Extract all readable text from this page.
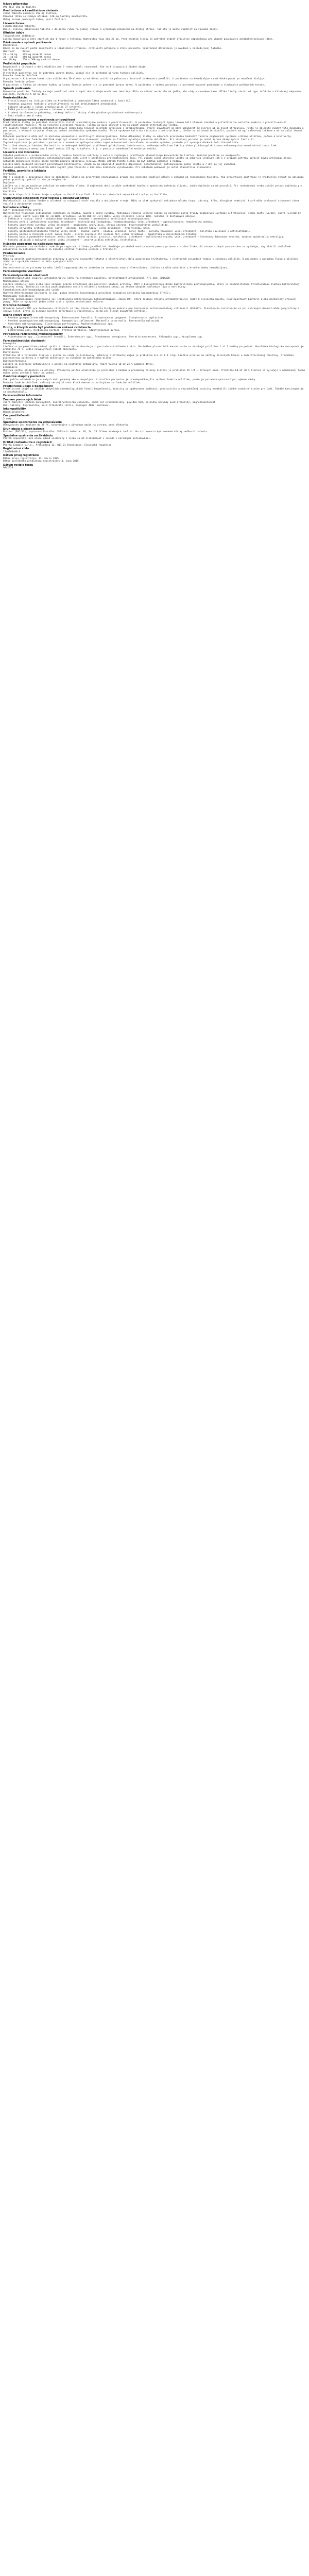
Názov přípravku
PRO-TECT 250 mg tablety
Kvalitatívne a kvantitatívne zloženie
Jedna tableta obsahuje 250 mg liečiva.
Pomocná látka so známym účinkom: 120 mg laktózy monohydrátu.
Úplný zoznam pomocných látok, pozri časť 6.1.
Lieková forma
Filmom obalená tableta.
Biela, oválna, bikonvexná tableta s deliacou ryhou na jednej strane a vyrazeným označením na druhej strane. Tabletu je možné rozdeliť na rovnaké dávky.
Klinické údaje
Terapeutické indikácie
Liečba dospelých a detí starších ako 6 rokov s telesnou hmotnosťou viac ako 20 kg. Pred začatím liečby je potrebné zvážiť oficiálne odporúčania pre vhodné používanie antibakteriálnych látok.
Dávkovanie a spôsob podávania
Dávkovanie
Dávka sa má zvoliť podľa závažnosti a lokalizácie infekcie, citlivosti patogénu a stavu pacienta. Odporúčané dávkovanie je uvedené v nasledujúcej tabuľke.
Hmotnosť	Dávka
20 – 30 kg	125 mg dvakrát denne
30 – 40 kg	250 mg dvakrát denne
nad 40 kg	250 – 500 mg dvakrát denne
Pediatrická populácia
Bezpečnosť a účinnosť u detí mladších ako 6 rokov neboli stanovené. Nie sú k dispozícii žiadne údaje.
Staršie osoby
U starších pacientov nie je potrebná úprava dávky, pokiaľ nie je prítomná porucha funkcie obličiek.
Porucha funkcie obličiek
U pacientov s klírensom kreatinínu nižším ako 30 ml/min sa má dávka znížiť na polovicu a interval dávkovania predĺžiť. U pacientov na hemodialýze sa má dávka podať po ukončení dialýzy.
Porucha funkcie pečene
U pacientov s ľahkou až stredne ťažkou poruchou funkcie pečene nie je potrebná úprava dávky. U pacientov s ťažkou poruchou je potrebné opatrné podávanie a sledovanie pečeňových testov.
Spôsob podávania
Perorálne použitie. Tablety sa majú prehltnúť celé a zapiť dostatočným množstvom tekutiny. Môžu sa užívať nezávisle od jedla, ale vždy v rovnakom čase. Dĺžka liečby závisí od typu infekcie a klinickej odpovede pacienta, zvyčajne 5 až 10 dní.
Kontraindikácie
• Precitlivenosť na liečivo alebo na ktorúkoľvek z pomocných látok uvedených v časti 6.1.
• Anamnéza závažnej reakcie z precitlivenosti na iné betalaktámové antibiotiká.
• Súčasné užívanie s liekmi predlžujúcimi QT interval.
• Ťažká porucha funkcie pečene s ikterom v anamnéze.
• Vrodená intolerancia galaktózy, celkový deficit laktázy alebo glukózo-galaktózová malabsorpcia.
• Deti mladšie ako 6 rokov.
Osobitné upozornenia a opatrenia pri používaní
Pred začatím liečby je potrebné starostlivo zistiť predchádzajúce reakcie z precitlivenosti. U pacientov liečených týmto liekom boli hlásené závažné a príležitostne smrteľné reakcie z precitlivenosti (anafylaktické reakcie). Ak sa vyskytne alergická reakcia, liečba sa musí ukončiť a má sa začať vhodná alternatívna liečba.
Pri použití takmer všetkých antibakteriálnych látok bola hlásená kolitída súvisiaca s antibiotikami, ktorej závažnosť sa môže pohybovať od miernej až po život ohrozujúcu. Preto je dôležité zvážiť túto diagnózu u pacientov, u ktorých sa počas alebo po podaní antibiotika vyskytne hnačka. Ak sa vyskytne kolitída súvisiaca s antibiotikami, liečba sa má okamžite ukončiť, pacient má byť vyšetrený lekárom a má sa začať vhodná liečba.
Dlhodobé používanie môže mať za následok premnoženie necitlivých mikroorganizmov. Počas dlhodobej liečby sa odporúča pravidelne hodnotiť funkciu orgánových systémov vrátane obličiek, pečene a krvotvorby.
Pacienti s poruchou funkcie obličiek majú byť starostlivo sledovaní, pretože sa liečivo vylučuje prevažne obličkami. Pri závažnej poruche je nutná úprava dávky (pozri časť 4.2).
Zvýšená opatrnosť je potrebná u pacientov s anamnézou epilepsie alebo inými ochoreniami centrálneho nervového systému, pretože pri vysokých dávkach boli hlásené kŕče.
Tento liek obsahuje laktózu. Pacienti so zriedkavými dedičnými problémami galaktózovej intolerancie, celkovým deficitom laktázy alebo glukózo-galaktózovou malabsorpciou nesmú užívať tento liek.
Tento liek obsahuje menej ako 1 mmol sodíka (23 mg) v tablete, t.j. v podstate zanedbateľné množstvo sodíka.
Liekové a iné interakcie
Súbežné podávanie s probenecidom znižuje renálnu tubulárnu sekréciu a vedie k zvýšeným a predĺženým plazmatickým koncentráciám liečiva. Súbežné použitie sa neodporúča.
Súčasné užívanie s perorálnymi antikoagulanciami môže viesť k predĺženiu protrombínového času. Pri začatí alebo ukončení liečby sa odporúča sledovať INR a v prípade potreby upraviť dávku antikoagulancia.
Antacidá obsahujúce hliník alebo horčík znižujú absorpciu liečiva. Medzi užitím týchto liekov má byť odstup najmenej 2 hodiny.
Liečivo môže znižovať účinnosť perorálnych kontraceptív. Ženám sa má odporučiť použitie doplnkovej nehormonálnej antikoncepcie počas liečby a 7 dní po jej ukončení.
Súčasné podávanie s metotrexátom môže zvýšiť jeho toxicitu v dôsledku zníženého vylučovania. Pri súbežnom podávaní je nutné starostlivé sledovanie.
Fertilita, gravidita a laktácia
Gravidita
Údaje o použití u gravidných žien sú obmedzené. Štúdie na zvieratách nepreukázali priame ani nepriame škodlivé účinky s ohľadom na reprodukčnú toxicitu. Ako preventívne opatrenie je vhodnejšie vyhnúť sa užívaniu počas gravidity, pokiaľ to nie je nevyhnutné.
Dojčenie
Liečivo sa v malom množstve vylučuje do materského mlieka. U dojčených detí sa môže vyskytnúť hnačka a mykotická infekcia slizníc, takže dojčenie sa má prerušiť. Pri rozhodovaní treba zvážiť prínos dojčenia pre dieťa a prínos liečby pre ženu.
Fertilita
Nie sú k dispozícii žiadne údaje o vplyve na fertilitu u ľudí. Štúdie na zvieratách nepreukázali vplyv na fertilitu.
Ovplyvnenie schopnosti viesť vozidlá a obsluhovať stroje
Neuskutočnili sa žiadne štúdie o účinkoch na schopnosť viesť vozidlá a obsluhovať stroje. Môžu sa však vyskytnúť nežiaduce účinky (napr. závraty, kŕče, alergické reakcie), ktoré môžu ovplyvniť schopnosť viesť vozidlá a obsluhovať stroje.
Nežiaduce účinky
Súhrn bezpečnostného profilu
Najčastejšie hlásenými nežiaducimi reakciami sú hnačka, nauzea a kožné vyrážky. Nežiaduce reakcie uvedené nižšie sú zoradené podľa triedy orgánových systémov a frekvencie: veľmi časté (≥1/10), časté (≥1/100 až <1/10), menej časté (≥1/1 000 až <1/100), zriedkavé (≥1/10 000 až <1/1 000), veľmi zriedkavé (<1/10 000), neznáme (z dostupných údajov).
• Infekcie a nákazy: časté – mukokutánna kandidóza; neznáme – premnoženie necitlivých mikroorganizmov.
• Poruchy krvi a lymfatického systému: zriedkavé – reverzibilná leukopénia, trombocytopénia; veľmi zriedkavé – agranulocytóza, hemolytická anémia.
• Poruchy imunitného systému: veľmi zriedkavé – angioedém, anafylaxia, sérová choroba, hypersenzitívna vaskulitída.
• Poruchy nervového systému: menej časté – závraty, bolesť hlavy; veľmi zriedkavé – hyperkinéza, kŕče.
• Poruchy gastrointestinálneho traktu: veľmi časté – hnačka; časté – nauzea, vracanie; menej časté – poruchy trávenia; veľmi zriedkavé – kolitída súvisiaca s antibiotikami.
• Poruchy pečene a žlčových ciest: menej časté – mierne zvýšenie AST a/alebo ALT; veľmi zriedkavé – hepatitída a cholestatická žltačka.
• Poruchy kože a podkožného tkaniva: menej časté – kožná vyrážka, pruritus, urtikária; zriedkavé – multiformný erytém; veľmi zriedkavé – Stevensov-Johnsonov syndróm, toxická epidermálna nekrolýza.
• Poruchy obličiek a močových ciest: veľmi zriedkavé – intersticiálna nefritída, kryštalúria.
Hlásenie podozrení na nežiaduce reakcie
Hlásenie podozrení na nežiaduce reakcie po registrácii lieku je dôležité. Umožňuje priebežné monitorovanie pomeru prínosu a rizika lieku. Od zdravotníckych pracovníkov sa vyžaduje, aby hlásili akékoľvek podozrenia na nežiaduce reakcie na národné centrum hlásenia uvedené v Prílohe V.
Predávkovanie
Príznaky
Môžu sa objaviť gastrointestinálne príznaky a porucha rovnováhy tekutín a elektrolytov. Bola pozorovaná kryštalúria, v niektorých prípadoch vedúca k zlyhaniu obličiek. U pacientov s poruchou funkcie obličiek alebo pri vysokých dávkach sa môžu vyskytnúť kŕče.
Liečba
Gastrointestinálne príznaky sa môžu liečiť symptomaticky so zreteľom na rovnováhu vody a elektrolytov. Liečivo sa môže odstrániť z krvného obehu hemodialýzou.
Farmakologické vlastnosti
Farmakodynamické vlastnosti
Farmakoterapeutická skupina: antibakteriálne látky na systémové použitie, betalaktámové antibiotiká. ATC kód: J01XX00
Mechanizmus účinku
Liečivo inhibuje jeden alebo viac enzýmov (často označované ako penicilín-viažuce proteíny, PBP) v biosyntetickej dráhe bakteriálneho peptidoglykánu, ktorý je neoddeliteľnou štrukturálnou zložkou bakteriálnej bunkovej steny. Inhibícia syntézy peptidoglykánu vedie k oslabeniu bunkovej steny, po ktorom obvykle nasleduje lýza a smrť bunky.
Farmakokinetický/farmakodynamický vzťah
Hlavným determinantom účinnosti je čas, počas ktorého koncentrácia prevyšuje minimálnu inhibičnú koncentráciu (T>MIC).
Mechanizmy rezistencie
Hlavnými mechanizmami rezistencie sú: inaktivácia bakteriálnymi betalaktamázami, zmena PBP, ktorá znižuje afinitu antibakteriálnej látky k cieľovému miestu, nepriepustnosť baktérií alebo mechanizmy efluxnej pumpy. Môže sa vyskytnúť jeden alebo viac z týchto mechanizmov súčasne.
Hraničné hodnoty
Hraničné hodnoty MIC pre testovanie citlivosti sú tie, ktoré stanovila Európska komisia pre testovanie antimikrobiálnej citlivosti (EUCAST). Prevalencia rezistencie sa pri vybraných druhoch môže geograficky a časovo líšiť, preto sú žiaduce miestne informácie o rezistencii, najmä pri liečbe závažných infekcií.
Bežne citlivé druhy
• Aeróbne grampozitívne mikroorganizmy: Enterococcus faecalis, Streptococcus pyogenes, Streptococcus agalactiae.
• Aeróbne gramnegatívne mikroorganizmy: Haemophilus influenzae, Moraxella catarrhalis, Pasteurella multocida.
• Anaeróbne mikroorganizmy: Clostridium perfringens, Peptostreptococcus spp.
Druhy, u ktorých môže byť problémom získaná rezistencia
• Escherichia coli, Klebsiella oxytoca, Proteus mirabilis, Staphylococcus aureus.
Prirodzene rezistentné mikroorganizmy
• Acinetobacter spp., Citrobacter freundii, Enterobacter spp., Pseudomonas aeruginosa, Serratia marcescens, Chlamydia spp., Mycoplasma spp.
Farmakokinetické vlastnosti
Absorpcia
Liečivo sa po perorálnom podaní rýchlo a takmer úplne absorbuje z gastrointestinálneho traktu. Maximálne plazmatické koncentrácie sa dosahujú približne 1 až 2 hodiny po podaní. Absolútna biologická dostupnosť je približne 70 %. Jedlo neovplyvňuje rozsah absorpcie.
Distribúcia
Približne 18 % celkového liečiva v plazme sa viaže na bielkoviny. Zdanlivý distribučný objem je približne 0,3 až 0,4 l/kg. Liečivo preniká do väčšiny telesných tkanív a intersticiálnej tekutiny. Prechádza placentárnou bariérou a v malých množstvách sa vylučuje do materského mlieka.
Biotransformácia
Liečivo sa čiastočne metabolizuje v pečeni na neaktívne metabolity, ktoré tvoria 10 až 25 % podanej dávky.
Eliminácia
Hlavnou cestou eliminácie sú obličky. Priemerný polčas eliminácie je približne 1 hodina a priemerný celkový klírens je približne 25 l/h u zdravých osôb. Približne 60 až 70 % liečiva sa vylučuje v nezmenenej forme močom počas prvých 6 hodín po podaní.
Osobitné skupiny pacientov
Vek: polčas eliminácie je u malých detí podobný ako u dospelých. U starších pacientov je pravdepodobnejšia znížená funkcia obličiek, preto je potrebná opatrnosť pri výbere dávky.
Porucha funkcie obličiek: celkový sérový klírens klesá úmerne so znižujúcou sa funkciou obličiek.
Predklinické údaje o bezpečnosti
Predklinické údaje na základe obvyklých farmakologických štúdií bezpečnosti, toxicity po opakovanom podávaní, genotoxicity a reprodukčnej toxicity neodhalili žiadne osobitné riziko pre ľudí. Štúdie karcinogenity sa neuskutočnili.
Farmaceutické informácie
Zoznam pomocných látok
Jadro tablety: laktóza monohydrát, mikrokryštalická celulóza, sodná soľ kroskarmelózy, povidón K30, koloidný bezvodý oxid kremičitý, magnéziumstearát.
Obal tablety: hypromelóza, oxid titaničitý (E171), makrogol 4000, mastenec.
Inkompatibility
Neaplikovateľné.
Čas použiteľnosti
3 roky.
Špeciálne upozornenia na uchovávanie
Uchovávajte pri teplote do 25 °C. Uchovávajte v pôvodnom obale na ochranu pred vlhkosťou.
Druh obalu a obsah balenia
Blister (PVC/Al), papierová škatuľka. Veľkosti balenia: 10, 14, 20 filmom obalených tabliet. Na trh nemusia byť uvedené všetky veľkosti balenia.
Špeciálne opatrenia na likvidáciu
Všetok nepoužitý liek alebo odpad vzniknutý z lieku sa má zlikvidovať v súlade s národnými požiadavkami.
Držiteľ rozhodnutia o registrácii
Pharma Example s.r.o., Príkladová 12, 811 01 Bratislava, Slovenská republika
Registračné číslo
15/0000/00-S
Dátum prvej registrácie
Dátum prvej registrácie: 12. marca 2005
Dátum posledného predĺženia registrácie: 4. júna 2015
Dátum revízie textu
09/2023
